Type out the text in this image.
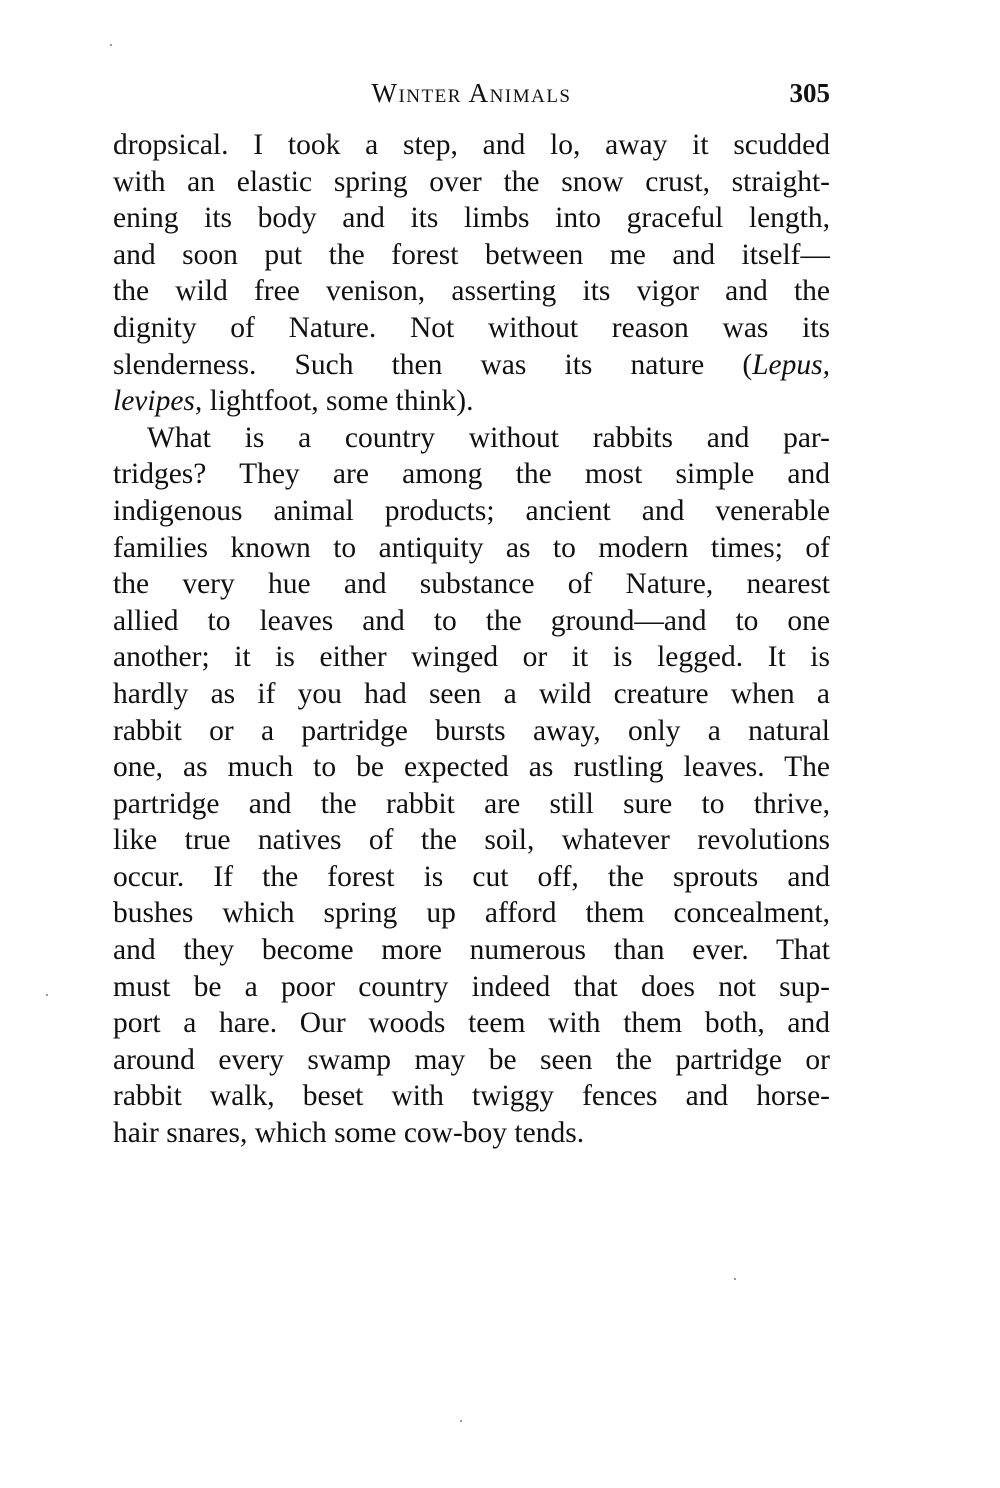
Winter Animals	305
dropsical. I took a step, and lo, away it scudded
with an elastic spring over the snow crust, straight-
ening its body and its limbs into graceful length,
and soon put the forest between me and itself—
the wild free venison, asserting its vigor and the
dignity of Nature. Not without reason was its
slenderness. Such then was its nature (Lepus,
levipes, lightfoot, some think).
What is a country without rabbits and par-
tridges? They are among the most simple and
indigenous animal products; ancient and venerable
families known to antiquity as to modern times; of
the very hue and substance of Nature, nearest
allied to leaves and to the ground—and to one
another; it is either winged or it is legged. It is
hardly as if you had seen a wild creature when a
rabbit or a partridge bursts away, only a natural
one, as much to be expected as rustling leaves. The
partridge and the rabbit are still sure to thrive,
like true natives of the soil, whatever revolutions
occur. If the forest is cut off, the sprouts and
bushes which spring up afford them concealment,
and they become more numerous than ever. That
must be a poor country indeed that does not sup-
port a hare. Our woods teem with them both, and
around every swamp may be seen the partridge or
rabbit walk, beset with twiggy fences and horse-
hair snares, which some cow-boy tends.
